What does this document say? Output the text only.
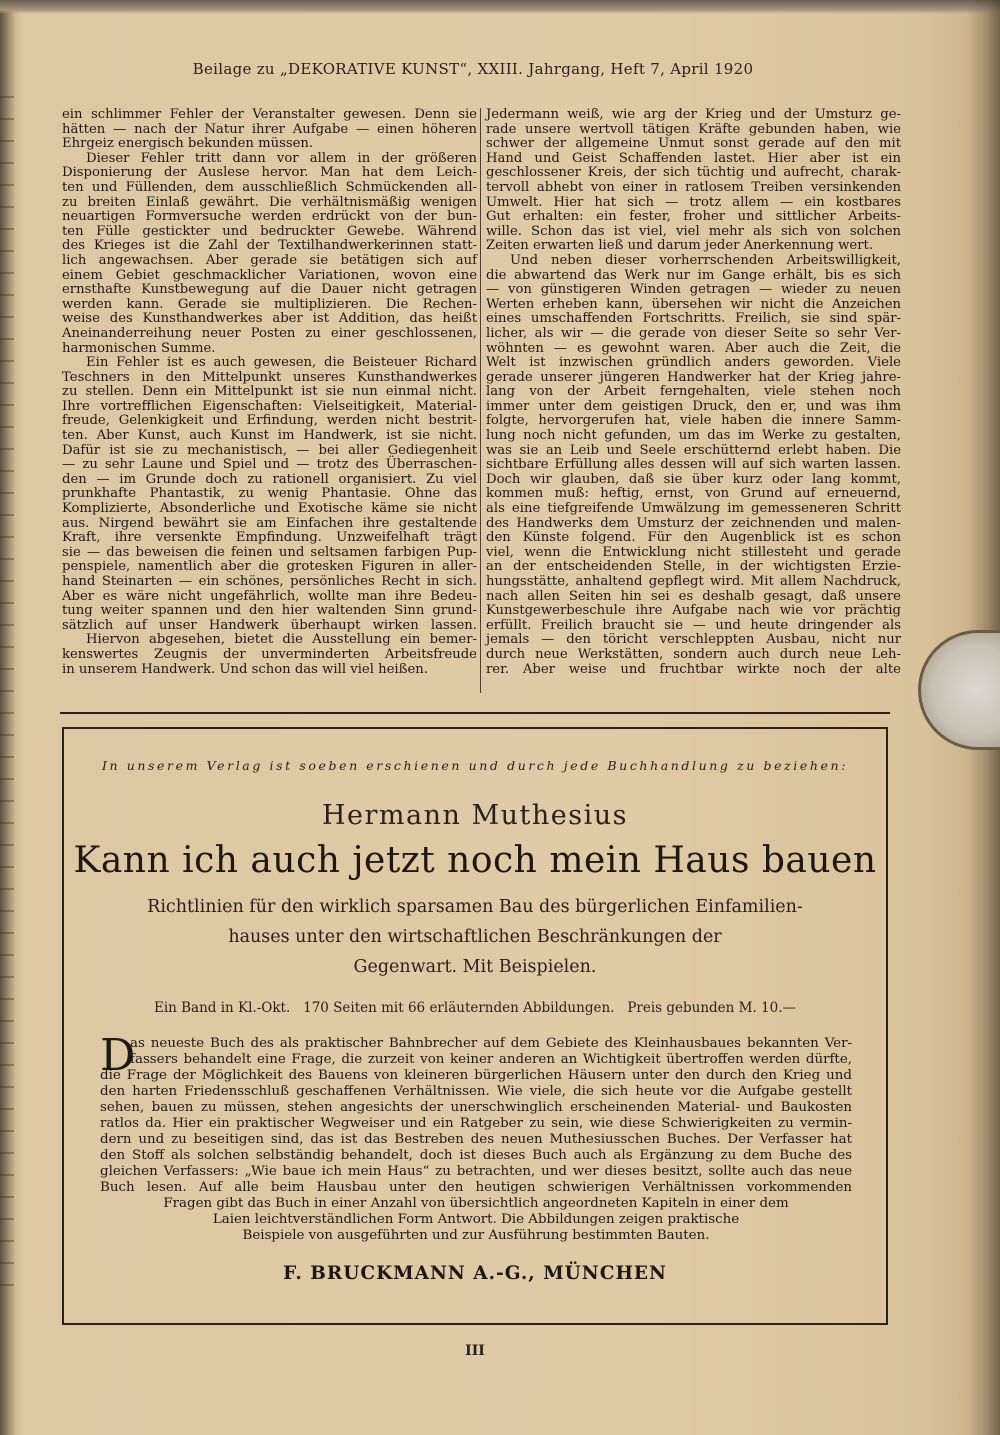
Beilage zu „DEKORATIVE KUNST“, XXIII. Jahrgang, Heft 7, April 1920
ein schlimmer Fehler der Veranstalter gewesen. Denn sie
hätten — nach der Natur ihrer Aufgabe — einen höheren
Ehrgeiz energisch bekunden müssen.
Dieser Fehler tritt dann vor allem in der größeren
Disponierung der Auslese hervor. Man hat dem Leich-
ten und Füllenden, dem ausschließlich Schmückenden all-
zu breiten Einlaß gewährt. Die verhältnismäßig wenigen
neuartigen Formversuche werden erdrückt von der bun-
ten Fülle gestickter und bedruckter Gewebe. Während
des Krieges ist die Zahl der Textilhandwerkerinnen statt-
lich angewachsen. Aber gerade sie betätigen sich auf
einem Gebiet geschmacklicher Variationen, wovon eine
ernsthafte Kunstbewegung auf die Dauer nicht getragen
werden kann. Gerade sie multiplizieren. Die Rechen-
weise des Kunsthandwerkes aber ist Addition, das heißt
Aneinanderreihung neuer Posten zu einer geschlossenen,
harmonischen Summe.
Ein Fehler ist es auch gewesen, die Beisteuer Richard
Teschners in den Mittelpunkt unseres Kunsthandwerkes
zu stellen. Denn ein Mittelpunkt ist sie nun einmal nicht.
Ihre vortrefflichen Eigenschaften: Vielseitigkeit, Material-
freude, Gelenkigkeit und Erfindung, werden nicht bestrit-
ten. Aber Kunst, auch Kunst im Handwerk, ist sie nicht.
Dafür ist sie zu mechanistisch, — bei aller Gediegenheit
— zu sehr Laune und Spiel und — trotz des Überraschen-
den — im Grunde doch zu rationell organisiert. Zu viel
prunkhafte Phantastik, zu wenig Phantasie. Ohne das
Komplizierte, Absonderliche und Exotische käme sie nicht
aus. Nirgend bewährt sie am Einfachen ihre gestaltende
Kraft, ihre versenkte Empfindung. Unzweifelhaft trägt
sie — das beweisen die feinen und seltsamen farbigen Pup-
penspiele, namentlich aber die grotesken Figuren in aller-
hand Steinarten — ein schönes, persönliches Recht in sich.
Aber es wäre nicht ungefährlich, wollte man ihre Bedeu-
tung weiter spannen und den hier waltenden Sinn grund-
sätzlich auf unser Handwerk überhaupt wirken lassen.
Hiervon abgesehen, bietet die Ausstellung ein bemer-
kenswertes Zeugnis der unverminderten Arbeitsfreude
in unserem Handwerk. Und schon das will viel heißen.
Jedermann weiß, wie arg der Krieg und der Umsturz ge-
rade unsere wertvoll tätigen Kräfte gebunden haben, wie
schwer der allgemeine Unmut sonst gerade auf den mit
Hand und Geist Schaffenden lastet. Hier aber ist ein
geschlossener Kreis, der sich tüchtig und aufrecht, charak-
tervoll abhebt von einer in ratlosem Treiben versinkenden
Umwelt. Hier hat sich — trotz allem — ein kostbares
Gut erhalten: ein fester, froher und sittlicher Arbeits-
wille. Schon das ist viel, viel mehr als sich von solchen
Zeiten erwarten ließ und darum jeder Anerkennung wert.
Und neben dieser vorherrschenden Arbeitswilligkeit,
die abwartend das Werk nur im Gange erhält, bis es sich
— von günstigeren Winden getragen — wieder zu neuen
Werten erheben kann, übersehen wir nicht die Anzeichen
eines umschaffenden Fortschritts. Freilich, sie sind spär-
licher, als wir — die gerade von dieser Seite so sehr Ver-
wöhnten — es gewohnt waren. Aber auch die Zeit, die
Welt ist inzwischen gründlich anders geworden. Viele
gerade unserer jüngeren Handwerker hat der Krieg jahre-
lang von der Arbeit ferngehalten, viele stehen noch
immer unter dem geistigen Druck, den er, und was ihm
folgte, hervorgerufen hat, viele haben die innere Samm-
lung noch nicht gefunden, um das im Werke zu gestalten,
was sie an Leib und Seele erschütternd erlebt haben. Die
sichtbare Erfüllung alles dessen will auf sich warten lassen.
Doch wir glauben, daß sie über kurz oder lang kommt,
kommen muß: heftig, ernst, von Grund auf erneuernd,
als eine tiefgreifende Umwälzung im gemesseneren Schritt
des Handwerks dem Umsturz der zeichnenden und malen-
den Künste folgend. Für den Augenblick ist es schon
viel, wenn die Entwicklung nicht stillesteht und gerade
an der entscheidenden Stelle, in der wichtigsten Erzie-
hungsstätte, anhaltend gepflegt wird. Mit allem Nachdruck,
nach allen Seiten hin sei es deshalb gesagt, daß unsere
Kunstgewerbeschule ihre Aufgabe nach wie vor prächtig
erfüllt. Freilich braucht sie — und heute dringender als
jemals — den töricht verschleppten Ausbau, nicht nur
durch neue Werkstätten, sondern auch durch neue Leh-
rer. Aber weise und fruchtbar wirkte noch der alte
In unserem Verlag ist soeben erschienen und durch jede Buchhandlung zu beziehen:
Hermann Muthesius
Kann ich auch jetzt noch mein Haus bauen
Richtlinien für den wirklich sparsamen Bau des bürgerlichen Einfamilien-
hauses unter den wirtschaftlichen Beschränkungen der
Gegenwart. Mit Beispielen.
Ein Band in Kl.-Okt.   170 Seiten mit 66 erläuternden Abbildungen.   Preis gebunden M. 10.—
D
as neueste Buch des als praktischer Bahnbrecher auf dem Gebiete des Kleinhausbaues bekannten Ver-
fassers behandelt eine Frage, die zurzeit von keiner anderen an Wichtigkeit übertroffen werden dürfte,
die Frage der Möglichkeit des Bauens von kleineren bürgerlichen Häusern unter den durch den Krieg und
den harten Friedensschluß geschaffenen Verhältnissen. Wie viele, die sich heute vor die Aufgabe gestellt
sehen, bauen zu müssen, stehen angesichts der unerschwinglich erscheinenden Material- und Baukosten
ratlos da. Hier ein praktischer Wegweiser und ein Ratgeber zu sein, wie diese Schwierigkeiten zu vermin-
dern und zu beseitigen sind, das ist das Bestreben des neuen Muthesiusschen Buches. Der Verfasser hat
den Stoff als solchen selbständig behandelt, doch ist dieses Buch auch als Ergänzung zu dem Buche des
gleichen Verfassers: „Wie baue ich mein Haus“ zu betrachten, und wer dieses besitzt, sollte auch das neue
Buch lesen. Auf alle beim Hausbau unter den heutigen schwierigen Verhältnissen vorkommenden
Fragen gibt das Buch in einer Anzahl von übersichtlich angeordneten Kapiteln in einer dem
Laien leichtverständlichen Form Antwort. Die Abbildungen zeigen praktische
Beispiele von ausgeführten und zur Ausführung bestimmten Bauten.
F. BRUCKMANN A.-G., MÜNCHEN
III
